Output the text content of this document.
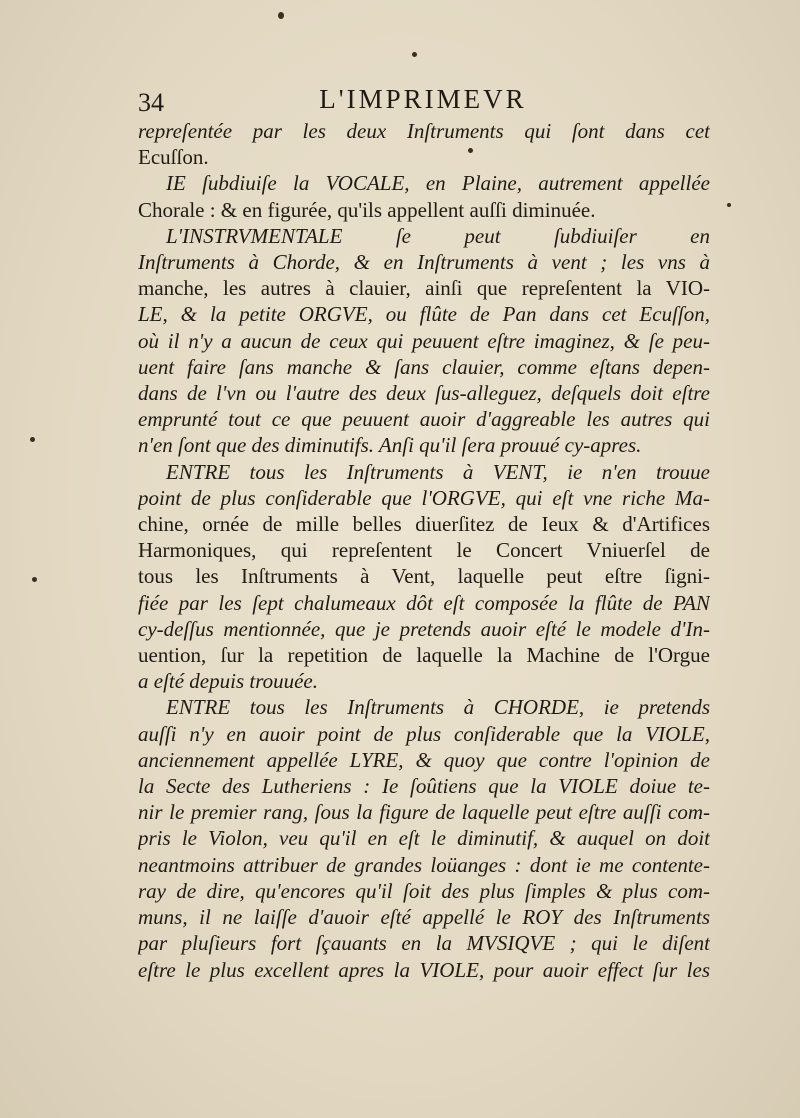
34	L'IMPRIMEVR
repreſentée par les deux Inſtruments qui ſont dans cet
Ecuſſon.
IE ſubdiuiſe la VOCALE, en Plaine, autrement appellée
Chorale : & en figurée, qu'ils appellent auſſi diminuée.
L'INSTRVMENTALE ſe peut ſubdiuiſer en
Inſtruments à Chorde, & en Inſtruments à vent ; les vns à
manche, les autres à clauier, ainſi que repreſentent la VIO-
LE, & la petite ORGVE, ou flûte de Pan dans cet Ecuſſon,
où il n'y a aucun de ceux qui peuuent eſtre imaginez, & ſe peu-
uent faire ſans manche & ſans clauier, comme eſtans depen-
dans de l'vn ou l'autre des deux ſus-alleguez, deſquels doit eſtre
emprunté tout ce que peuuent auoir d'aggreable les autres qui
n'en ſont que des diminutifs. Anſi qu'il ſera prouué cy-apres.
ENTRE tous les Inſtruments à VENT, ie n'en trouue
point de plus conſiderable que l'ORGVE, qui eſt vne riche Ma-
chine, ornée de mille belles diuerſitez de Ieux & d'Artifices
Harmoniques, qui repreſentent le Concert Vniuerſel de
tous les Inſtruments à Vent, laquelle peut eſtre ſigni-
fiée par les ſept chalumeaux dôt eſt composée la flûte de PAN
cy-deſſus mentionnée, que je pretends auoir eſté le modele d'In-
uention, ſur la repetition de laquelle la Machine de l'Orgue
a eſté depuis trouuée.
ENTRE tous les Inſtruments à CHORDE, ie pretends
auſſi n'y en auoir point de plus conſiderable que la VIOLE,
anciennement appellée LYRE, & quoy que contre l'opinion de
la Secte des Lutheriens : Ie ſoûtiens que la VIOLE doiue te-
nir le premier rang, ſous la figure de laquelle peut eſtre auſſi com-
pris le Violon, veu qu'il en eſt le diminutif, & auquel on doit
neantmoins attribuer de grandes loüanges : dont ie me contente-
ray de dire, qu'encores qu'il ſoit des plus ſimples & plus com-
muns, il ne laiſſe d'auoir eſté appellé le ROY des Inſtruments
par pluſieurs fort ſçauants en la MVSIQVE ; qui le diſent
eſtre le plus excellent apres la VIOLE, pour auoir effect ſur les
